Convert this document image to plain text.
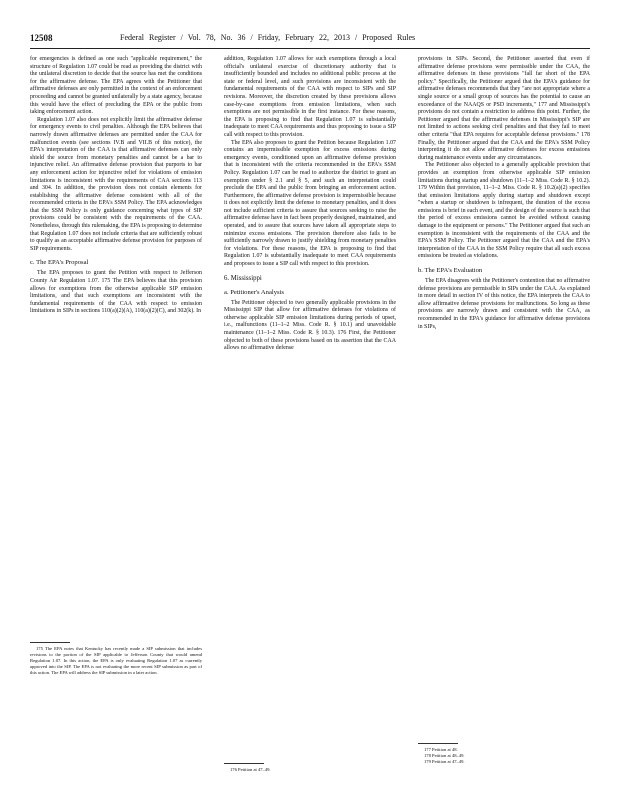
12508	Federal Register / Vol. 78, No. 36 / Friday, February 22, 2013 / Proposed Rules

for emergencies is defined as one such "applicable requirement," the structure of Regulation 1.07 could be read as providing the district with the unilateral discretion to decide that the source has met the conditions for the affirmative defense. The EPA agrees with the Petitioner that affirmative defenses are only permitted in the context of an enforcement proceeding and cannot be granted unilaterally by a state agency, because this would have the effect of precluding the EPA or the public from taking enforcement action.

Regulation 1.07 also does not explicitly limit the affirmative defense for emergency events to civil penalties. Although the EPA believes that narrowly drawn affirmative defenses are permitted under the CAA for malfunction events (see sections IV.B and VII.B of this notice), the EPA's interpretation of the CAA is that affirmative defenses can only shield the source from monetary penalties and cannot be a bar to injunctive relief. An affirmative defense provision that purports to bar any enforcement action for injunctive relief for violations of emission limitations is inconsistent with the requirements of CAA sections 113 and 304. In addition, the provision does not contain elements for establishing the affirmative defense consistent with all of the recommended criteria in the EPA's SSM Policy. The EPA acknowledges that the SSM Policy is only guidance concerning what types of SIP provisions could be consistent with the requirements of the CAA. Nonetheless, through this rulemaking, the EPA is proposing to determine that Regulation 1.07 does not include criteria that are sufficiently robust to qualify as an acceptable affirmative defense provision for purposes of SIP requirements.

c. The EPA's Proposal

The EPA proposes to grant the Petition with respect to Jefferson County Air Regulation 1.07. 175 The EPA believes that this provision allows for exemptions from the otherwise applicable SIP emission limitations, and that such exemptions are inconsistent with the fundamental requirements of the CAA with respect to emission limitations in SIPs in sections 110(a)(2)(A), 110(a)(2)(C), and 302(k). In

addition, Regulation 1.07 allows for such exemptions through a local official's unilateral exercise of discretionary authority that is insufficiently bounded and includes no additional public process at the state or federal level, and such provisions are inconsistent with the fundamental requirements of the CAA with respect to SIPs and SIP revisions. Moreover, the discretion created by these provisions allows case-by-case exemptions from emission limitations, when such exemptions are not permissible in the first instance. For these reasons, the EPA is proposing to find that Regulation 1.07 is substantially inadequate to meet CAA requirements and thus proposing to issue a SIP call with respect to this provision.

The EPA also proposes to grant the Petition because Regulation 1.07 contains an impermissible exemption for excess emissions during emergency events, conditioned upon an affirmative defense provision that is inconsistent with the criteria recommended in the EPA's SSM Policy. Regulation 1.07 can be read to authorize the district to grant an exemption under § 2.1 and § 5, and such an interpretation could preclude the EPA and the public from bringing an enforcement action. Furthermore, the affirmative defense provision is impermissible because it does not explicitly limit the defense to monetary penalties, and it does not include sufficient criteria to assure that sources seeking to raise the affirmative defense have in fact been properly designed, maintained, and operated, and to assure that sources have taken all appropriate steps to minimize excess emissions. The provision therefore also fails to be sufficiently narrowly drawn to justify shielding from monetary penalties for violations. For these reasons, the EPA is proposing to find that Regulation 1.07 is substantially inadequate to meet CAA requirements and proposes to issue a SIP call with respect to this provision.

6. Mississippi
a. Petitioner's Analysis

The Petitioner objected to two generally applicable provisions in the Mississippi SIP that allow for affirmative defenses for violations of otherwise applicable SIP emission limitations during periods of upset, i.e., malfunctions (11–1–2 Miss. Code R. § 10.1) and unavoidable maintenance (11–1–2 Miss. Code R. § 10.3). 176 First, the Petitioner objected to both of these provisions based on its assertion that the CAA allows no affirmative defense

provisions in SIPs. Second, the Petitioner asserted that even if affirmative defense provisions were permissible under the CAA, the affirmative defenses in these provisions "fall far short of the EPA policy." Specifically, the Petitioner argued that the EPA's guidance for affirmative defenses recommends that they "are not appropriate where a single source or a small group of sources has the potential to cause an exceedance of the NAAQS or PSD increments," 177 and Mississippi's provisions do not contain a restriction to address this point. Further, the Petitioner argued that the affirmative defenses in Mississippi's SIP are not limited to actions seeking civil penalties and that they fail to meet other criteria "that EPA requires for acceptable defense provisions." 178 Finally, the Petitioner argued that the CAA and the EPA's SSM Policy interpreting it do not allow affirmative defenses for excess emissions during maintenance events under any circumstances.

The Petitioner also objected to a generally applicable provision that provides an exemption from otherwise applicable SIP emission limitations during startup and shutdown (11–1–2 Miss. Code R. § 10.2). 179 Within that provision, 11–1–2 Miss. Code R. § 10.2(a)(2) specifies that emission limitations apply during startup and shutdown except "when a startup or shutdown is infrequent, the duration of the excess emissions is brief in each event, and the design of the source is such that the period of excess emissions cannot be avoided without causing damage to the equipment or persons." The Petitioner argued that such an exemption is inconsistent with the requirements of the CAA and the EPA's SSM Policy. The Petitioner argued that the CAA and the EPA's interpretation of the CAA in the SSM Policy require that all such excess emissions be treated as violations.

b. The EPA's Evaluation

The EPA disagrees with the Petitioner's contention that no affirmative defense provisions are permissible in SIPs under the CAA. As explained in more detail in section IV of this notice, the EPA interprets the CAA to allow affirmative defense provisions for malfunctions. So long as these provisions are narrowly drawn and consistent with the CAA, as recommended in the EPA's guidance for affirmative defense provisions in SIPs,

175 The EPA notes that Kentucky has recently made a SIP submission that includes revisions to the portion of the SIP applicable to Jefferson County that would amend Regulation 1.07. In this action, the EPA is only evaluating Regulation 1.07 as currently approved into the SIP. The EPA is not evaluating the more recent SIP submission as part of this action. The EPA will address the SIP submission in a later action.

176 Petition at 47–49.

177 Petition at 48.

178 Petition at 48–49.

179 Petition at 47–49.
